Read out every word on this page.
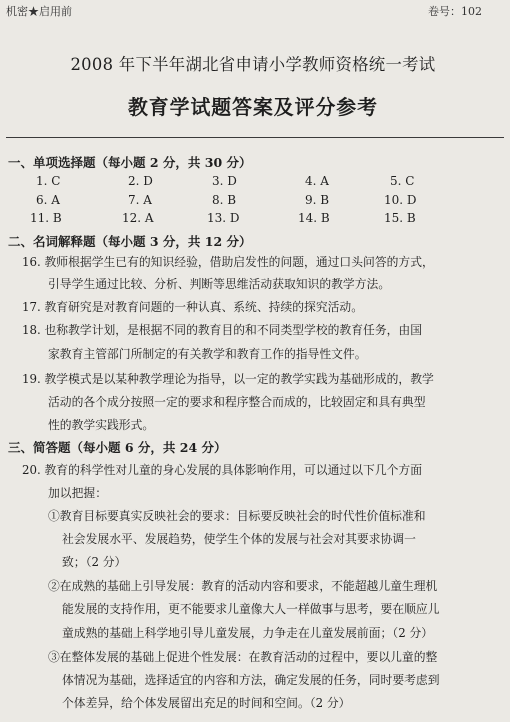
机密★启用前	卷号：102
2008 年下半年湖北省申请小学教师资格统一考试
教育学试题答案及评分参考
一、单项选择题（每小题 2 分，共 30 分）
1. C	2. D	3. D	4. A	5. C
6. A	7. A	8. B	9. B	10. D
11. B	12. A	13. D	14. B	15. B
二、名词解释题（每小题 3 分，共 12 分）
16. 教师根据学生已有的知识经验，借助启发性的问题，通过口头问答的方式，
引导学生通过比较、分析、判断等思维活动获取知识的教学方法。
17. 教育研究是对教育问题的一种认真、系统、持续的探究活动。
18. 也称教学计划，是根据不同的教育目的和不同类型学校的教育任务，由国
家教育主管部门所制定的有关教学和教育工作的指导性文件。
19. 教学模式是以某种教学理论为指导，以一定的教学实践为基础形成的，教学
活动的各个成分按照一定的要求和程序整合而成的，比较固定和具有典型
性的教学实践形式。
三、简答题（每小题 6 分，共 24 分）
20. 教育的科学性对儿童的身心发展的具体影响作用，可以通过以下几个方面
加以把握：
①教育目标要真实反映社会的要求：目标要反映社会的时代性价值标准和
社会发展水平、发展趋势，使学生个体的发展与社会对其要求协调一
致；（2 分）
②在成熟的基础上引导发展：教育的活动内容和要求，不能超越儿童生理机
能发展的支持作用，更不能要求儿童像大人一样做事与思考，要在顺应儿
童成熟的基础上科学地引导儿童发展，力争走在儿童发展前面；（2 分）
③在整体发展的基础上促进个性发展：在教育活动的过程中，要以儿童的整
体情况为基础，选择适宜的内容和方法，确定发展的任务，同时要考虑到
个体差异，给个体发展留出充足的时间和空间。（2 分）
